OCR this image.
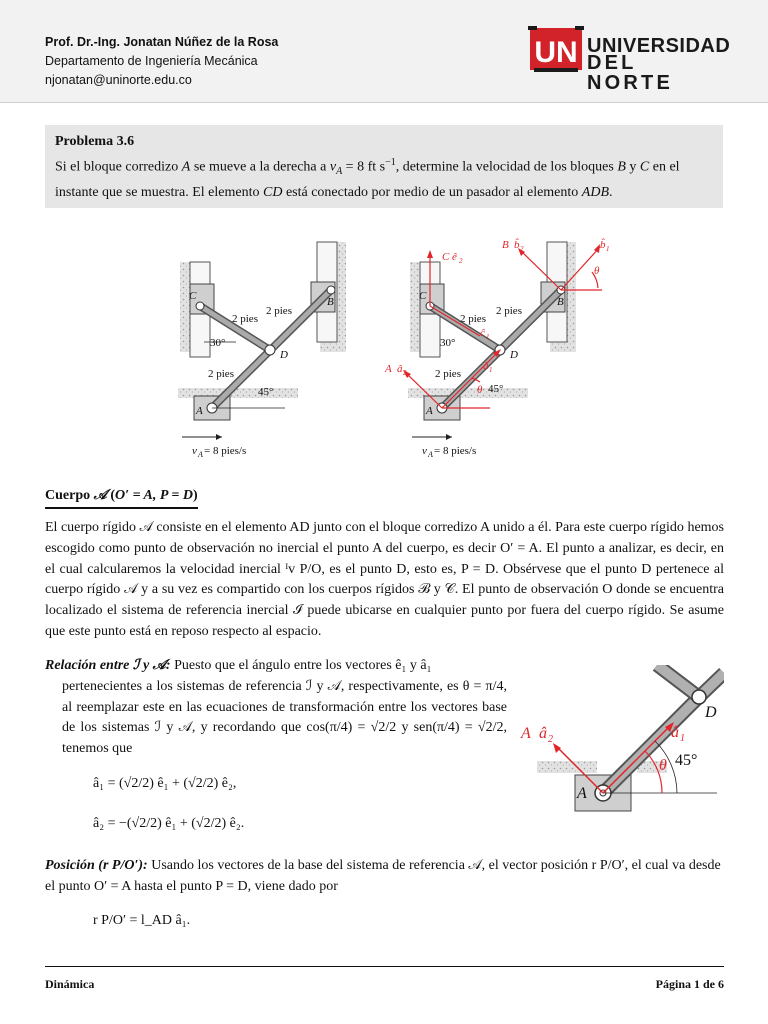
Prof. Dr.-Ing. Jonatan Núñez de la Rosa
Departamento de Ingeniería Mecánica
njonatan@uninorte.edu.co
UN UNIVERSIDAD
DEL NORTE
Problema 3.6
Si el bloque corredizo A se mueve a la derecha a $v_A = 8$ ft $s^{-1}$, determine la velocidad de los bloques B y C en el instante que se muestra. El elemento CD está conectado por medio de un pasador al elemento ADB.
C	B
D
A
2 pies
2 pies
2 pies
30°
45°
v A = 8 pies/s
C	B
D
A
2 pies
2 pies
2 pies
30°
45°
v A = 8 pies/s
C ê 2
B b̂ 2	b̂ 1
θ
A â 2
â 1
θ
ĉ 1
Cuerpo 𝒜 (O′ = A, P = D)
El cuerpo rígido 𝒜 consiste en el elemento AD junto con el bloque corredizo A unido a él. Para este cuerpo rígido hemos escogido como punto de observación no inercial el punto A del cuerpo, es decir O′ = A. El punto a analizar, es decir, en el cual calcularemos la velocidad inercial ᴵv P/O, es el punto D, esto es, P = D. Obsérvese que el punto D pertenece al cuerpo rígido 𝒜 y a su vez es compartido con los cuerpos rígidos ℬ y 𝒞. El punto de observación O donde se encuentra localizado el sistema de referencia inercial ℐ puede ubicarse en cualquier punto por fuera del cuerpo rígido. Se asume que este punto está en reposo respecto al espacio.
Relación entre ℐ y 𝒜: Puesto que el ángulo entre los vectores ê₁ y â₁
pertenecientes a los sistemas de referencia ℐ y 𝒜, respectivamente, es θ = π/4, al reemplazar este en las ecuaciones de transformación entre los vectores base de los sistemas ℐ y 𝒜, y recordando que cos(π/4) = √2/2 y sen(π/4) = √2/2, tenemos que
â₁ = (√2/2) ê₁ + (√2/2) ê₂,
â₂ = −(√2/2) ê₁ + (√2/2) ê₂.
D
A
45°
A â 2	â 1
θ
Posición (r P/O′): Usando los vectores de la base del sistema de referencia 𝒜, el vector posición r P/O′, el cual va desde el punto O′ = A hasta el punto P = D, viene dado por
r P/O′ = l_AD â₁.
Dinámica	Página 1 de 6
